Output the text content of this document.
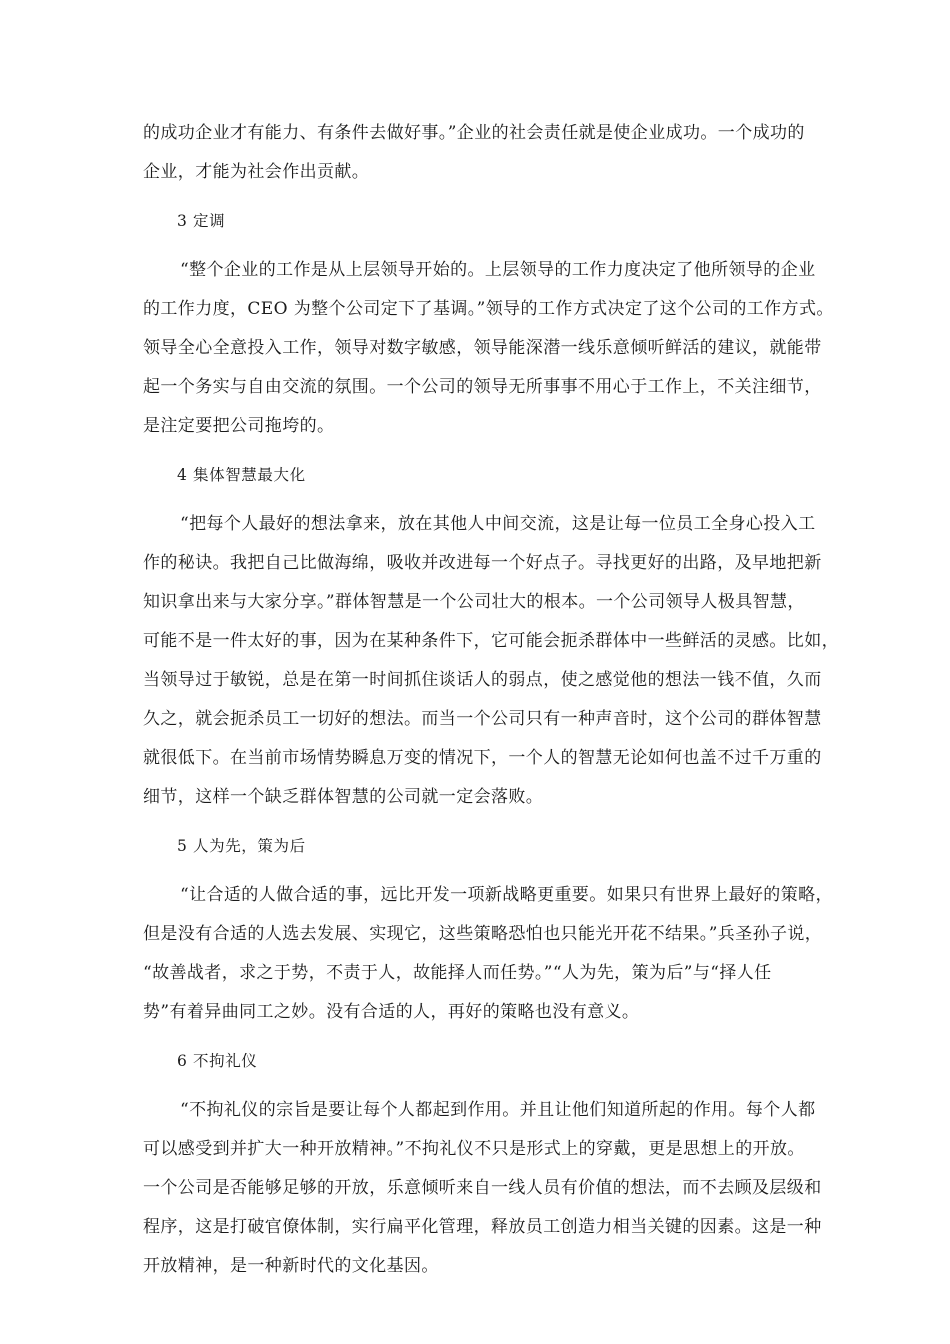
的成功企业才有能力、有条件去做好事。”企业的社会责任就是使企业成功。一个成功的
企业，才能为社会作出贡献。
3 定调
“整个企业的工作是从上层领导开始的。上层领导的工作力度决定了他所领导的企业
的工作力度，CEO 为整个公司定下了基调。”领导的工作方式决定了这个公司的工作方式。
领导全心全意投入工作，领导对数字敏感，领导能深潜一线乐意倾听鲜活的建议，就能带
起一个务实与自由交流的氛围。一个公司的领导无所事事不用心于工作上，不关注细节，
是注定要把公司拖垮的。
4 集体智慧最大化
“把每个人最好的想法拿来，放在其他人中间交流，这是让每一位员工全身心投入工
作的秘诀。我把自己比做海绵，吸收并改进每一个好点子。寻找更好的出路，及早地把新
知识拿出来与大家分享。”群体智慧是一个公司壮大的根本。一个公司领导人极具智慧，
可能不是一件太好的事，因为在某种条件下，它可能会扼杀群体中一些鲜活的灵感。比如，
当领导过于敏锐，总是在第一时间抓住谈话人的弱点，使之感觉他的想法一钱不值，久而
久之，就会扼杀员工一切好的想法。而当一个公司只有一种声音时，这个公司的群体智慧
就很低下。在当前市场情势瞬息万变的情况下，一个人的智慧无论如何也盖不过千万重的
细节，这样一个缺乏群体智慧的公司就一定会落败。
5 人为先，策为后
“让合适的人做合适的事，远比开发一项新战略更重要。如果只有世界上最好的策略，
但是没有合适的人选去发展、实现它，这些策略恐怕也只能光开花不结果。”兵圣孙子说，
“故善战者，求之于势，不责于人，故能择人而任势。”“人为先，策为后”与“择人任
势”有着异曲同工之妙。没有合适的人，再好的策略也没有意义。
6 不拘礼仪
“不拘礼仪的宗旨是要让每个人都起到作用。并且让他们知道所起的作用。每个人都
可以感受到并扩大一种开放精神。”不拘礼仪不只是形式上的穿戴，更是思想上的开放。
一个公司是否能够足够的开放，乐意倾听来自一线人员有价值的想法，而不去顾及层级和
程序，这是打破官僚体制，实行扁平化管理，释放员工创造力相当关键的因素。这是一种
开放精神，是一种新时代的文化基因。
